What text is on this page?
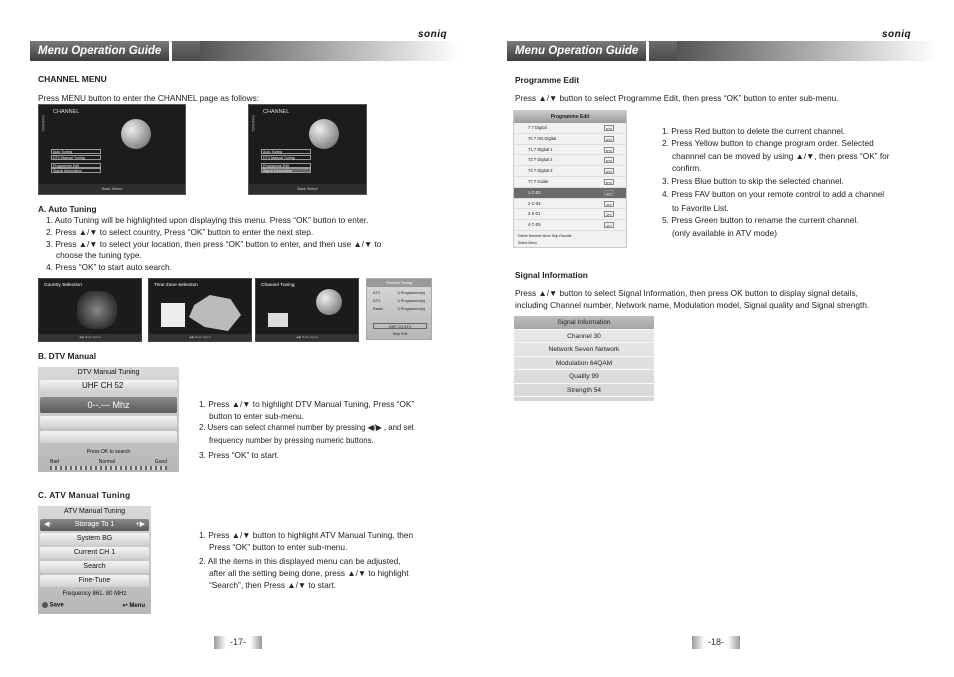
Menu Operation Guide
soniq
CHANNEL MENU
Press MENU button to enter the CHANNEL page as follows:
CHANNEL
CHANNEL
Auto Tuning
DTV Manual Tuning
Programme Edit
Signal Information
Back Select
CHANNEL
CHANNEL
Auto Tuning
DTV Manual Tuning
Programme Edit
Signal Information
Back Select
A. Auto Tuning
1. Auto Tuning will be highlighted upon displaying this menu. Press “OK” button to enter.
2. Press ▲/▼ to select country, Press “OK” button to enter the next step.
3. Press ▲/▼ to select your location, then press “OK” button to enter, and then use ▲/▼ to
choose the tuning type.
4. Press “OK” to start auto search.
Country Selection
◀ ▶ Back Select
Time Zone Selection
◀ ▶ Back Select
Channel Tuning
◀ ▶ Back Select
Channel Tuning
ATV	0 Programme(s)
DTV	0 Programme(s)
Radio	0 Programme(s)
UHF CH ATV
Skip Exit
B. DTV Manual
DTV Manual Tuning
UHF CH 52
0--.--- Mhz
Press OK to search
Bad	Normal	Good
1. Press ▲/▼ to highlight DTV Manual Tuning, Press “OK”
button to enter sub-menu.
2. Users can select channel number by pressing ◀/▶ , and set
frequency number by pressing numeric buttons.
3. Press “OK” to start.
C. ATV Manual Tuning
ATV Manual Tuning
◀-	Storage To 1	+▶
System BG
Current CH 1
Search
Fine-Tune
Frequency 861. 80 MHz
Save	↩ Menu
1. Press ▲/▼ button to highlight ATV Manual Tuning, then
Press “OK” button to enter sub-menu.
2. All the items in this displayed menu can be adjusted,
after all the setting being done, press ▲/▼ to highlight
“Search”, then Press ▲/▼ to start.
-17-
Menu Operation Guide
soniq
Programme Edit
Press ▲/▼ button to select Programme Edit, then press “OK” button to enter sub-menu.
Programme Edit
7 7 Digital	DTV
70 7 HD Digital	DTV
71 7 Digital 1	DTV
72 7 Digital 2	DTV
73 7 Digital 3	DTV
77 7 Guide	DTV
1 C-02	ATV
2 C-04	ATV
3 S-01	ATV
4 C-05	ATV
Delete Rename Move Skip Favorite
Select Menu
1. Press Red button to delete the current channel.
2. Press Yellow button to change program order. Selected
channnel can be moved by using ▲/▼, then press “OK” for
confirm.
3. Press Blue button to skip the selected channel.
4. Press FAV button on your remote control to add a channel
to Favorite List.
5. Press Green button to rename the current channel.
(only available in ATV mode)
Signal Information
Press ▲/▼ button to select Signal Information, then press OK button to display signal details,
including Channel number, Network name, Modulation model, Signal quality and Signal strength.
Signal Information
Channel 30
Network Seven Network
Modulation 64QAM
Quality 99
Strength 54
-18-
